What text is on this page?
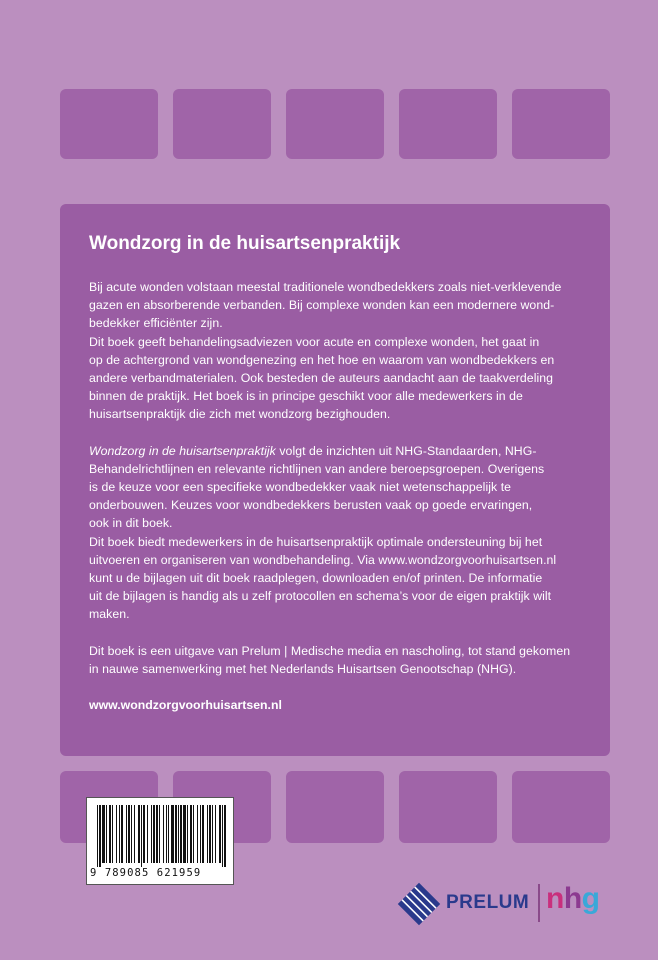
Wondzorg in de huisartsenpraktijk

Bij acute wonden volstaan meestal traditionele wondbedekkers zoals niet-verklevende

gazen en absorberende verbanden. Bij complexe wonden kan een modernere wond-

bedekker efficiënter zijn.

Dit boek geeft behandelingsadviezen voor acute en complexe wonden, het gaat in

op de achtergrond van wondgenezing en het hoe en waarom van wondbedekkers en

andere verbandmaterialen. Ook besteden de auteurs aandacht aan de taakverdeling

binnen de praktijk. Het boek is in principe geschikt voor alle medewerkers in de

huisartsenpraktijk die zich met wondzorg bezighouden.

Wondzorg in de huisartsenpraktijk volgt de inzichten uit NHG-Standaarden, NHG-

Behandelrichtlijnen en relevante richtlijnen van andere beroepsgroepen. Overigens

is de keuze voor een specifieke wondbedekker vaak niet wetenschappelijk te

onderbouwen. Keuzes voor wondbedekkers berusten vaak op goede ervaringen,

ook in dit boek.

Dit boek biedt medewerkers in de huisartsenpraktijk optimale ondersteuning bij het

uitvoeren en organiseren van wondbehandeling. Via www.wondzorgvoorhuisartsen.nl

kunt u de bijlagen uit dit boek raadplegen, downloaden en/of printen. De informatie

uit de bijlagen is handig als u zelf protocollen en schema’s voor de eigen praktijk wilt

maken.

Dit boek is een uitgave van Prelum | Medische media en nascholing, tot stand gekomen

in nauwe samenwerking met het Nederlands Huisartsen Genootschap (NHG).

www.wondzorgvoorhuisartsen.nl
9 789085 621959
PRELUM nhg
